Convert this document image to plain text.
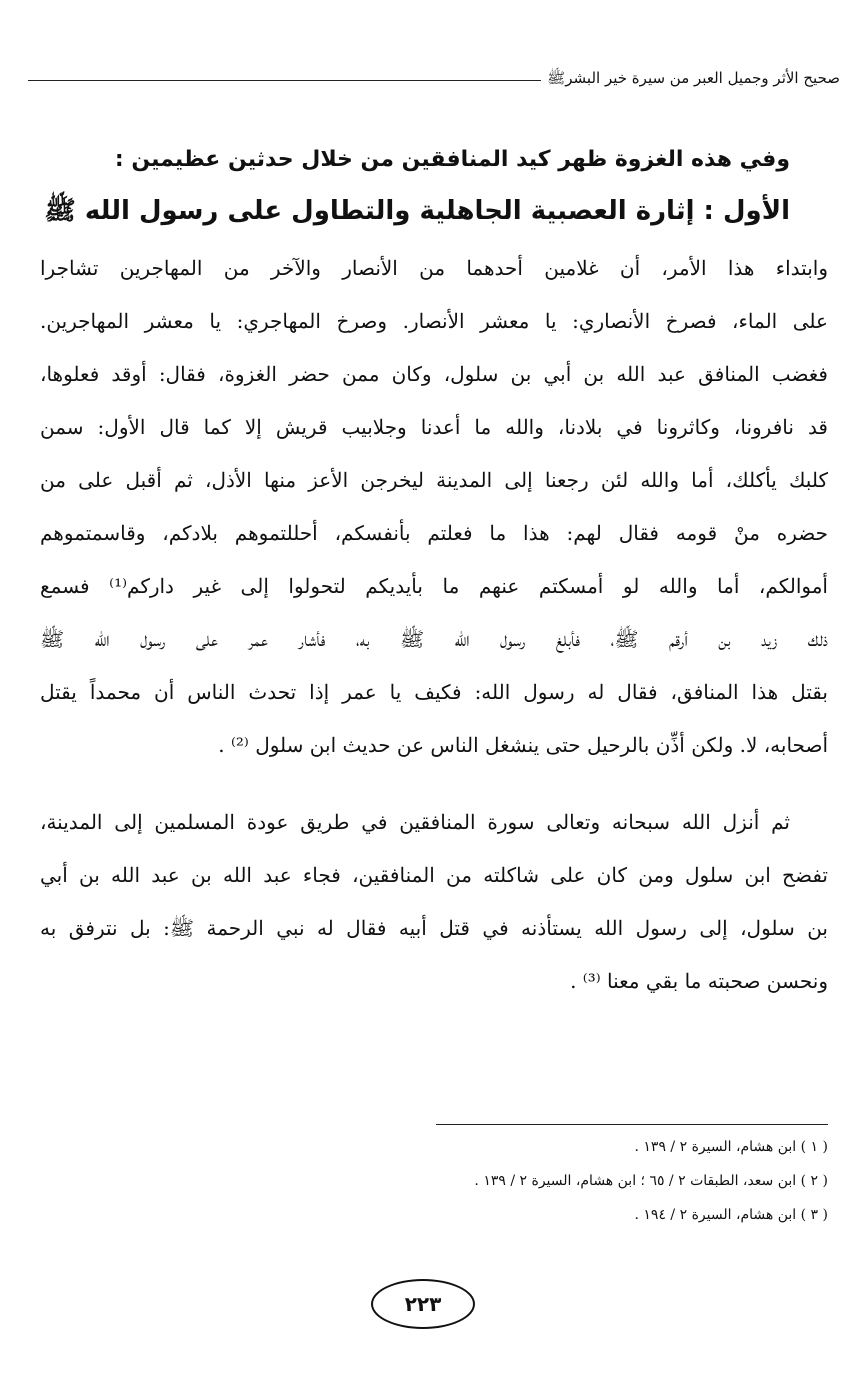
صحيح الأثر وجميل العبر من سيرة خير البشرﷺ
وفي هذه الغزوة ظهر كيد المنافقين من خلال حدثين عظيمين :
الأول : إثارة العصبية الجاهلية والتطاول على رسول الله ﷺ
وابتداء هذا الأمر، أن غلامين أحدهما من الأنصار والآخر من المهاجرين تشاجرا
على الماء، فصرخ الأنصاري: يا معشر الأنصار. وصرخ المهاجري: يا معشر المهاجرين.
فغضب المنافق عبد الله بن أبي بن سلول، وكان ممن حضر الغزوة، فقال: أوقد فعلوها،
قد نافرونا، وكاثرونا في بلادنا، والله ما أعدنا وجلابيب قريش إلا كما قال الأول: سمن
كلبك يأكلك، أما والله لئن رجعنا إلى المدينة ليخرجن الأعز منها الأذل، ثم أقبل على من
حضره منْ قومه فقال لهم: هذا ما فعلتم بأنفسكم، أحللتموهم بلادكم، وقاسمتموهم
أموالكم، أما والله لو أمسكتم عنهم ما بأيديكم لتحولوا إلى غير داركم⁽¹⁾ فسمع
ذلك زيد بن أرقم ﷺ، فأبلغ رسول الله ﷺ به، فأشار عمر على رسول الله ﷺ
بقتل هذا المنافق، فقال له رسول الله: فكيف يا عمر إذا تحدث الناس أن محمداً يقتل
أصحابه، لا. ولكن أذِّن بالرحيل حتى ينشغل الناس عن حديث ابن سلول ⁽²⁾ .
ثم أنزل الله سبحانه وتعالى سورة المنافقين في طريق عودة المسلمين إلى المدينة،
تفضح ابن سلول ومن كان على شاكلته من المنافقين، فجاء عبد الله بن عبد الله بن أبي
بن سلول، إلى رسول الله يستأذنه في قتل أبيه فقال له نبي الرحمة ﷺ: بل نترفق به
ونحسن صحبته ما بقي معنا ⁽³⁾ .
( ١ ) ابن هشام، السيرة ٢ / ١٣٩ .
( ٢ ) ابن سعد، الطبقات ٢ / ٦٥ ؛ ابن هشام، السيرة ٢ / ١٣٩ .
( ٣ ) ابن هشام، السيرة ٢ / ١٩٤ .
٢٢٣
